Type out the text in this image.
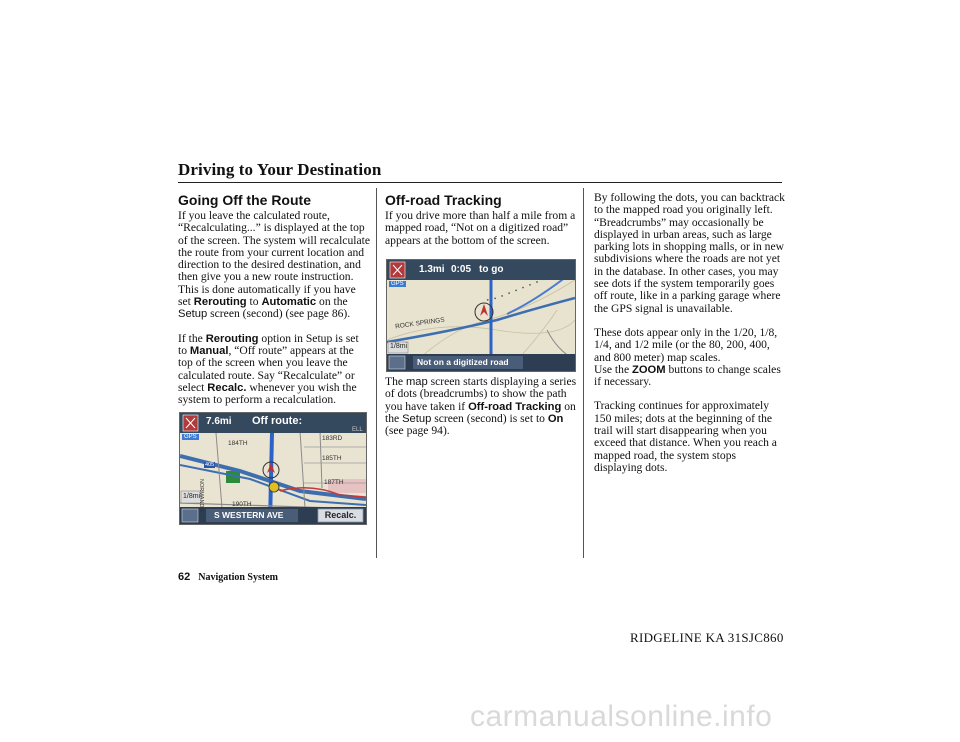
Driving to Your Destination
Going Off the Route

If you leave the calculated route, “Recalculating...” is displayed at the top of the screen. The system will recalculate the route from your current location and direction to the desired destination, and then give you a new route instruction. This is done automatically if you have set Rerouting to Automatic on the Setup screen (second) (see page 86).

If the Rerouting option in Setup is set to Manual, “Off route” appears at the top of the screen when you leave the calculated route. Say “Recalculate” or select Recalc. whenever you wish the system to perform a recalculation.

7.6mi Off route:
GPS
184TH
183RD
185TH
187TH
190TH
ELL
NORMANDIE
405
1/8mi
S WESTERN AVE	Recalc.
Off-road Tracking

If you drive more than half a mile from a mapped road, “Not on a digitized road” appears at the bottom of the screen.

1.3mi 0:05 to go
GPS
ROCK SPRINGS
1/8mi
Not on a digitized road

The map screen starts displaying a series of dots (breadcrumbs) to show the path you have taken if Off-road Tracking on the Setup screen (second) is set to On (see page 94).

By following the dots, you can backtrack to the mapped road you originally left. “Breadcrumbs” may occasionally be displayed in urban areas, such as large parking lots in shopping malls, or in new subdivisions where the roads are not yet in the database. In other cases, you may see dots if the system temporarily goes off route, like in a parking garage where the GPS signal is unavailable.

These dots appear only in the 1/20, 1/8, 1/4, and 1/2 mile (or the 80, 200, 400, and 800 meter) map scales.
Use the ZOOM buttons to change scales if necessary.

Tracking continues for approximately 150 miles; dots at the beginning of the trail will start disappearing when you exceed that distance. When you reach a mapped road, the system stops displaying dots.

62 Navigation System
RIDGELINE KA 31SJC860
carmanualsonline.info
